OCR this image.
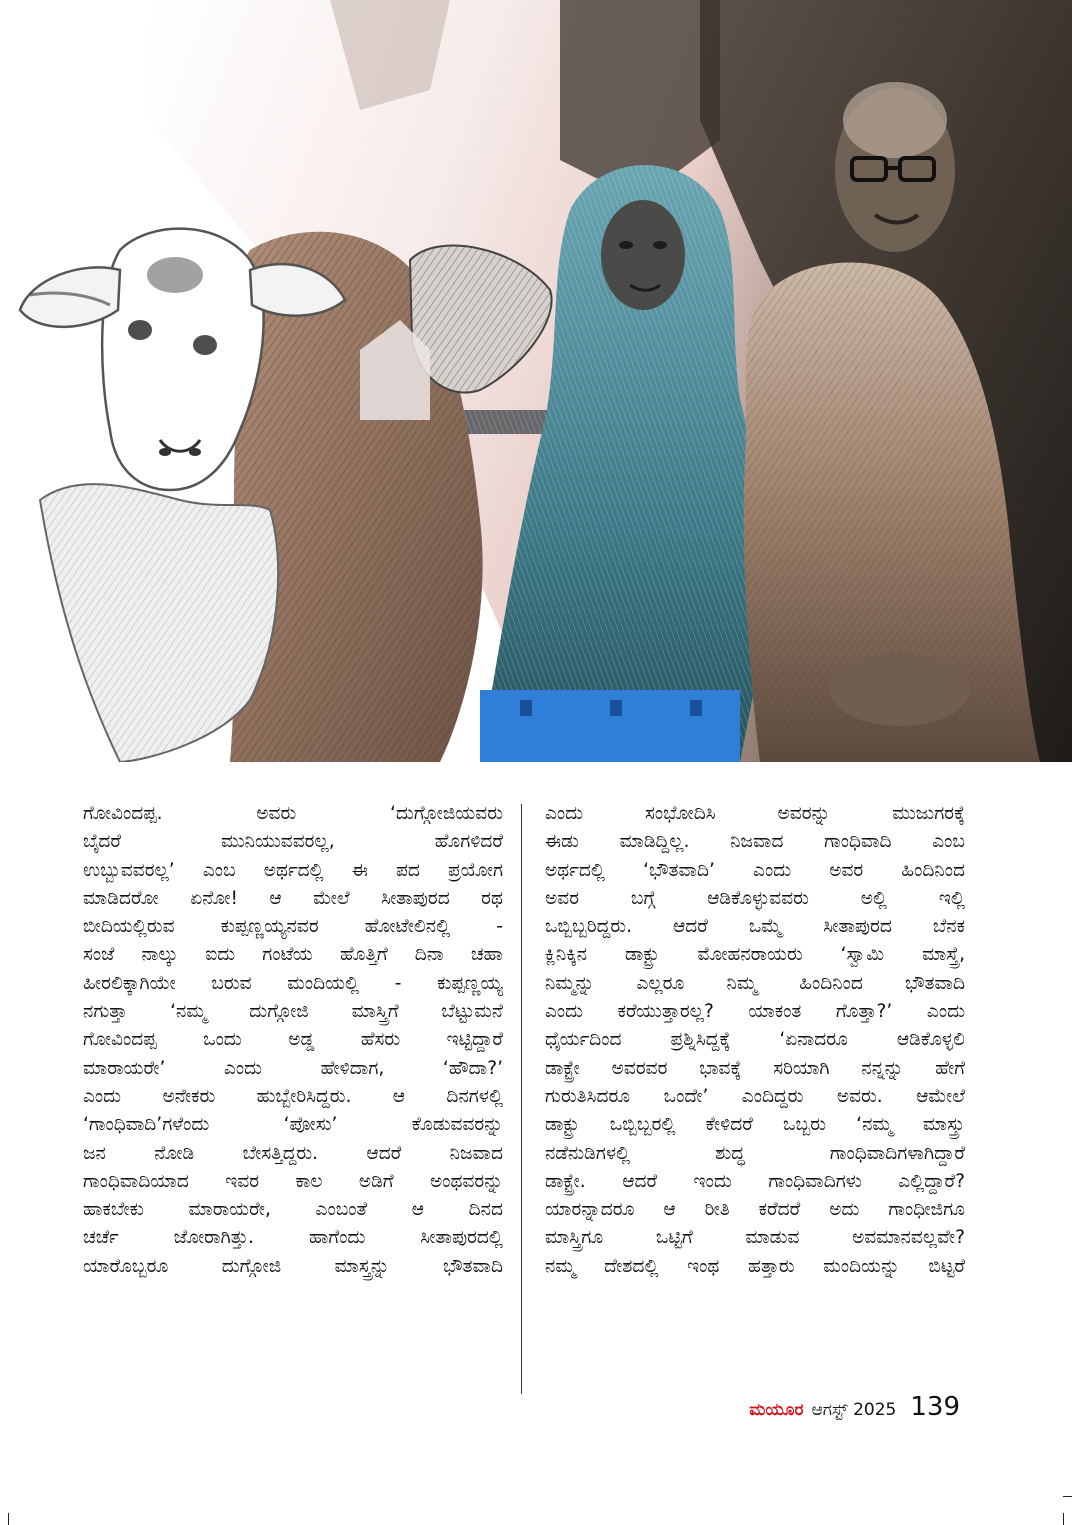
ಗೋವಿಂದಪ್ಪ. ಅವರು ‘ದುಗ್ಗೋಜಿಯವರು
ಬೈದರೆ ಮುನಿಯುವವರಲ್ಲ, ಹೊಗಳಿದರೆ
ಉಬ್ಬುವವರಲ್ಲ’ ಎಂಬ ಅರ್ಥದಲ್ಲಿ ಈ ಪದ ಪ್ರಯೋಗ
ಮಾಡಿದರೋ ಏನೋ! ಆ ಮೇಲೆ ಸೀತಾಪುರದ ರಥ
ಬೀದಿಯಲ್ಲಿರುವ ಕುಪ್ಪಣ್ಣಯ್ಯನವರ ಹೋಟೇಲಿನಲ್ಲಿ -
ಸಂಜೆ ನಾಲ್ಕು ಐದು ಗಂಟೆಯ ಹೊತ್ತಿಗೆ ದಿನಾ ಚಹಾ
ಹೀರಲಿಕ್ಕಾಗಿಯೇ ಬರುವ ಮಂದಿಯಲ್ಲಿ - ಕುಪ್ಪಣ್ಣಯ್ಯ
ನಗುತ್ತಾ ‘ನಮ್ಮ ದುಗ್ಗೋಜಿ ಮಾಸ್ತ್ರಿಗೆ ಬೆಟ್ಟುಮನೆ
ಗೋವಿಂದಪ್ಪ ಒಂದು ಅಡ್ಡ ಹೆಸರು ಇಟ್ಟಿದ್ದಾರೆ
ಮಾರಾಯರೇ’ ಎಂದು ಹೇಳಿದಾಗ, ‘ಹೌದಾ?’
ಎಂದು ಅನೇಕರು ಹುಬ್ಬೇರಿಸಿದ್ದರು. ಆ ದಿನಗಳಲ್ಲಿ
‘ಗಾಂಧಿವಾದಿ’ಗಳೆಂದು ‘ಪೋಸು’ ಕೊಡುವವರನ್ನು
ಜನ ನೋಡಿ ಬೇಸತ್ತಿದ್ದರು. ಆದರೆ ನಿಜವಾದ
ಗಾಂಧಿವಾದಿಯಾದ ಇವರ ಕಾಲ ಅಡಿಗೆ ಅಂಥವರನ್ನು
ಹಾಕಬೇಕು ಮಾರಾಯರೇ, ಎಂಬಂತೆ ಆ ದಿನದ
ಚರ್ಚೆ ಜೋರಾಗಿತ್ತು. ಹಾಗೆಂದು ಸೀತಾಪುರದಲ್ಲಿ
ಯಾರೊಬ್ಬರೂ ದುಗ್ಗೋಜಿ ಮಾಸ್ತ್ರನ್ನು ಭೌತವಾದಿ
ಎಂದು ಸಂಭೋದಿಸಿ ಅವರನ್ನು ಮುಜುಗರಕ್ಕೆ
ಈಡು ಮಾಡಿದ್ದಿಲ್ಲ. ನಿಜವಾದ ಗಾಂಧಿವಾದಿ ಎಂಬ
ಅರ್ಥದಲ್ಲಿ ‘ಭೌತವಾದಿ’ ಎಂದು ಅವರ ಹಿಂದಿನಿಂದ
ಅವರ ಬಗ್ಗೆ ಆಡಿಕೊಳ್ಳುವವರು ಅಲ್ಲಿ ಇಲ್ಲಿ
ಒಬ್ಬಿಬ್ಬರಿದ್ದರು. ಆದರೆ ಒಮ್ಮೆ ಸೀತಾಪುರದ ಬೆನಕ
ಕ್ಲಿನಿಕ್ಕಿನ ಡಾಕ್ಟ್ರು ಮೋಹನರಾಯರು ‘ಸ್ವಾಮಿ ಮಾಸ್ತ್ರೆ,
ನಿಮ್ಮನ್ನು ಎಲ್ಲರೂ ನಿಮ್ಮ ಹಿಂದಿನಿಂದ ಭೌತವಾದಿ
ಎಂದು ಕರೆಯುತ್ತಾರಲ್ಲ? ಯಾಕಂತ ಗೊತ್ತಾ?’ ಎಂದು
ಧೈರ್ಯದಿಂದ ಪ್ರಶ್ನಿಸಿದ್ದಕ್ಕೆ ‘ಏನಾದರೂ ಆಡಿಕೊಳ್ಳಲಿ
ಡಾಕ್ಟ್ರೇ ಅವರವರ ಭಾವಕ್ಕೆ ಸರಿಯಾಗಿ ನನ್ನನ್ನು ಹೇಗೆ
ಗುರುತಿಸಿದರೂ ಒಂದೇ’ ಎಂದಿದ್ದರು ಅವರು. ಆಮೇಲೆ
ಡಾಕ್ಟ್ರು ಒಬ್ಬಿಬ್ಬರಲ್ಲಿ ಕೇಳಿದರೆ ಒಬ್ಬರು ‘ನಮ್ಮ ಮಾಸ್ತ್ರು
ನಡೆನುಡಿಗಳಲ್ಲಿ ಶುದ್ಧ ಗಾಂಧಿವಾದಿಗಳಾಗಿದ್ದಾರೆ
ಡಾಕ್ಟ್ರೇ. ಆದರೆ ಇಂದು ಗಾಂಧಿವಾದಿಗಳು ಎಲ್ಲಿದ್ದಾರೆ?
ಯಾರನ್ನಾದರೂ ಆ ರೀತಿ ಕರೆದರೆ ಅದು ಗಾಂಧೀಜಿಗೂ
ಮಾಸ್ತ್ರಿಗೂ ಒಟ್ಟಿಗೆ ಮಾಡುವ ಅವಮಾನವಲ್ಲವೇ?
ನಮ್ಮ ದೇಶದಲ್ಲಿ ಇಂಥ ಹತ್ತಾರು ಮಂದಿಯನ್ನು ಬಿಟ್ಟರೆ
ಮಯೂರ ಆಗಸ್ಟ್ 2025 139
